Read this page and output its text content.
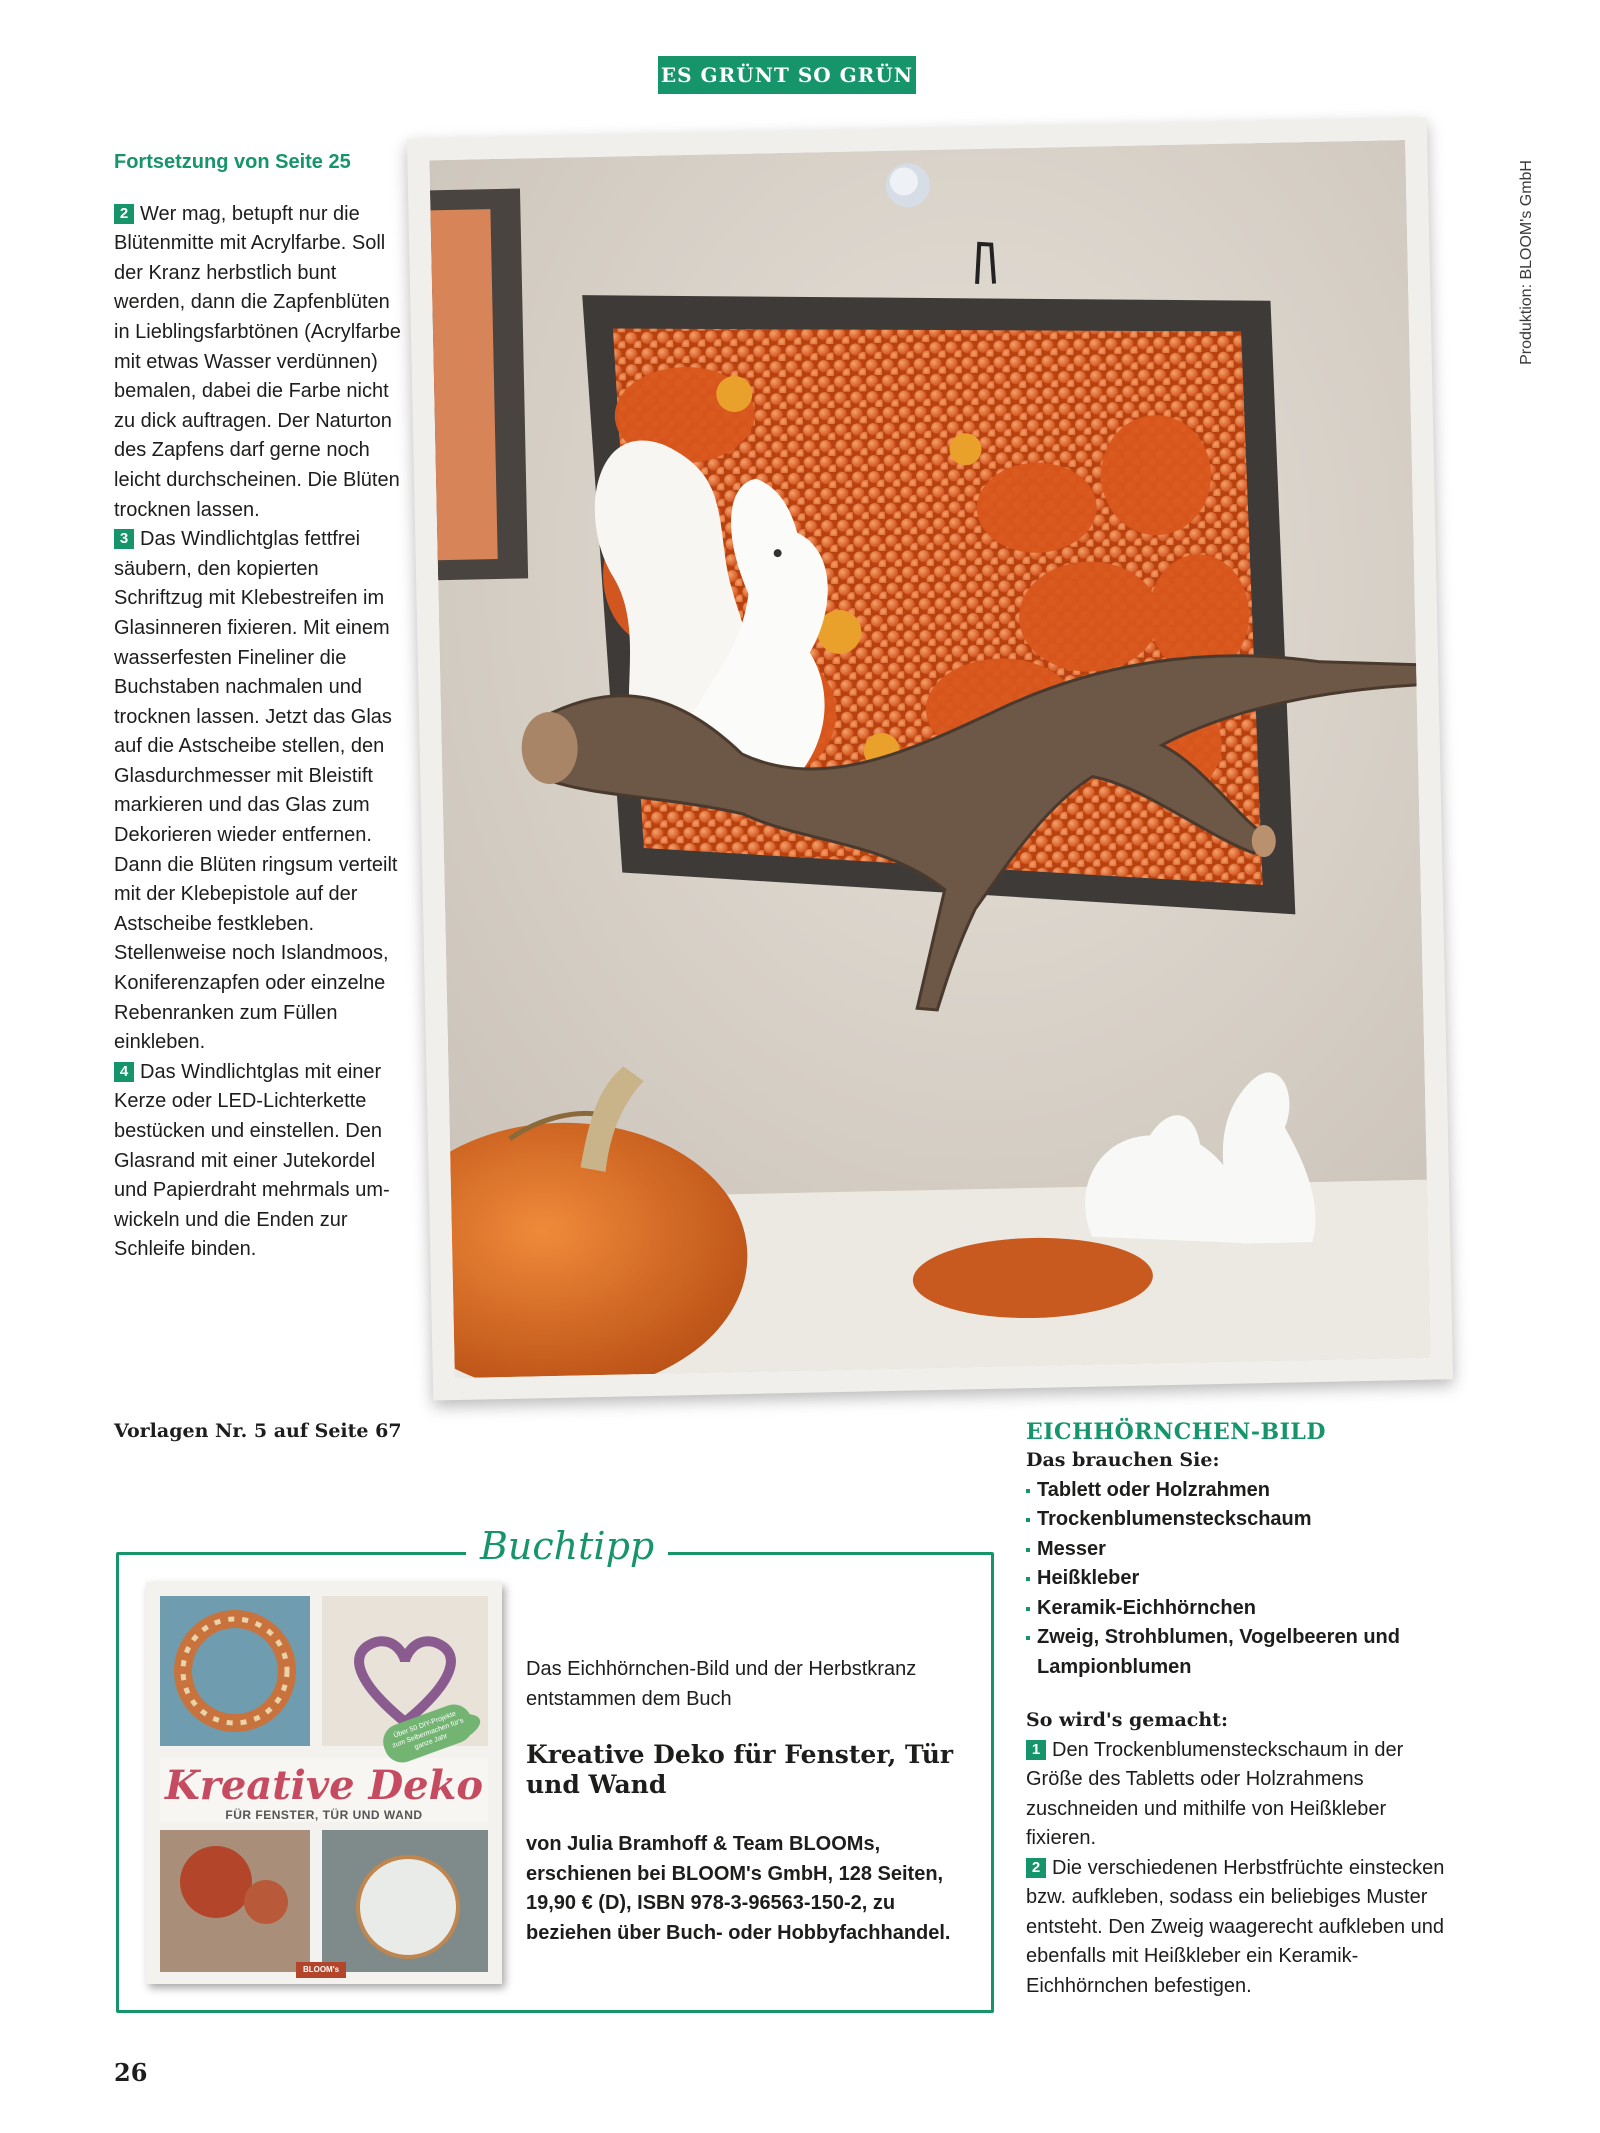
ES GRÜNT SO GRÜN
Produktion: BLOOM's GmbH
Fortsetzung von Seite 25

2 Wer mag, betupft nur die Blütenmitte mit Acrylfarbe. Soll der Kranz herbstlich bunt werden, dann die Zapfenblüten in Lieblingsfarbtönen (Acrylfarbe mit etwas Wasser verdünnen) bemalen, dabei die Farbe nicht zu dick auftragen. Der Naturton des Zapfens darf gerne noch leicht durchscheinen. Die Blüten trocknen lassen.

3 Das Windlichtglas fettfrei säubern, den kopierten Schriftzug mit Klebestreifen im Glasinneren fixieren. Mit einem wasserfesten Fineliner die Buchstaben nachmalen und trocknen lassen. Jetzt das Glas auf die Astscheibe stellen, den Glasdurchmesser mit Bleistift markieren und das Glas zum Dekorieren wieder entfernen. Dann die Blüten ringsum verteilt mit der Klebepistole auf der Astscheibe festkleben. Stellenweise noch Islandmoos, Koniferenzapfen oder einzelne Rebenranken zum Füllen einkleben.

4 Das Windlichtglas mit einer Kerze oder LED-Lichterkette bestücken und einstellen. Den Glasrand mit einer Jutekordel und Papierdraht mehrmals umwickeln und die Enden zur Schleife binden.

Vorlagen Nr. 5 auf Seite 67	EICHHÖRNCHEN-BILD
Das brauchen Sie:
Tablett oder Holzrahmen
Trockenblumensteckschaum
Messer
Heißkleber
Keramik-Eichhörnchen
Zweig, Strohblumen, Vogelbeeren und Lampionblumen
So wird's gemacht:

1 Den Trockenblumensteckschaum in der Größe des Tabletts oder Holzrahmens zuschneiden und mithilfe von Heißkleber fixieren.

2 Die verschiedenen Herbstfrüchte einstecken bzw. aufkleben, sodass ein beliebiges Muster entsteht. Den Zweig waagerecht aufkleben und ebenfalls mit Heißkleber ein Keramik-Eichhörnchen befestigen.

Buchtipp
Kreative Deko
FÜR FENSTER, TÜR UND WAND
Über 50 DIY-Projekte zum Selbermachen für's ganze Jahr
BLOOM's

Das Eichhörnchen-Bild und der Herbstkranz entstammen dem Buch

Kreative Deko für Fenster, Tür und Wand

von Julia Bramhoff & Team BLOOMs, erschienen bei BLOOM's GmbH, 128 Seiten, 19,90 € (D), ISBN 978-3-96563-150-2, zu beziehen über Buch- oder Hobbyfachhandel.

26
